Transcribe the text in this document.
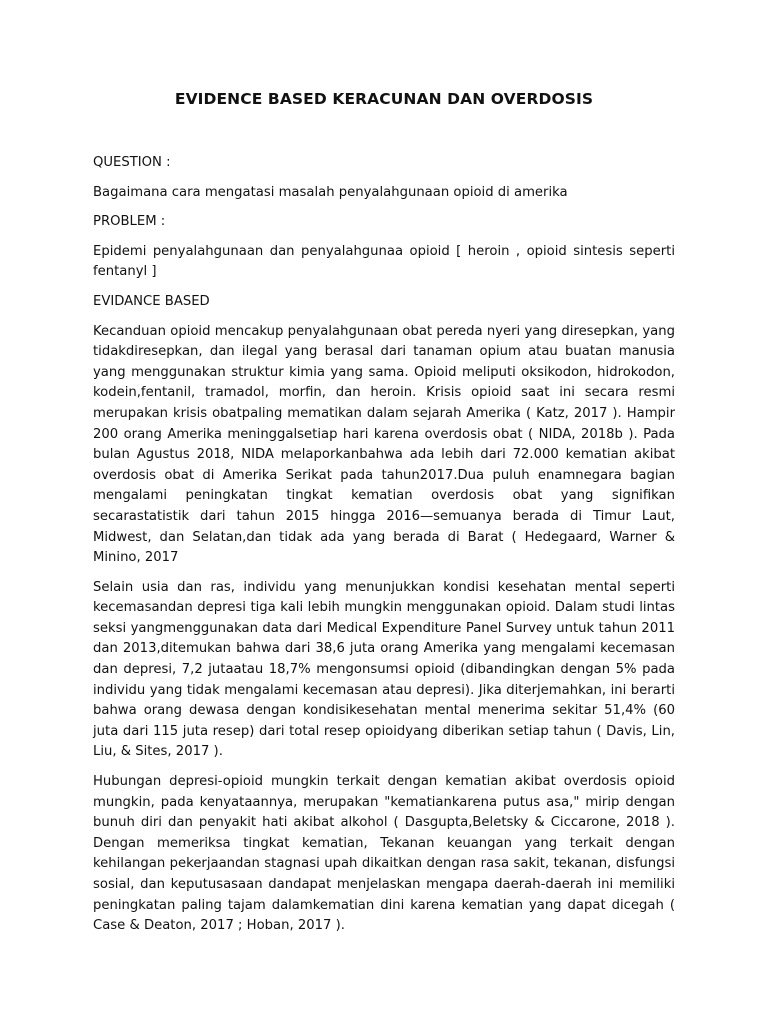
EVIDENCE BASED KERACUNAN DAN OVERDOSIS

QUESTION :

Bagaimana cara mengatasi masalah penyalahgunaan opioid di amerika

PROBLEM :

Epidemi penyalahgunaan dan penyalahgunaa opioid [ heroin , opioid sintesis seperti fentanyl ]

EVIDANCE BASED

Kecanduan opioid mencakup penyalahgunaan obat pereda nyeri yang diresepkan, yang tidakdiresepkan, dan ilegal yang berasal dari tanaman opium atau buatan manusia yang menggunakan struktur kimia yang sama. Opioid meliputi oksikodon, hidrokodon, kodein,fentanil, tramadol, morfin, dan heroin. Krisis opioid saat ini secara resmi merupakan krisis obatpaling mematikan dalam sejarah Amerika ( Katz, 2017 ). Hampir 200 orang Amerika meninggalsetiap hari karena overdosis obat ( NIDA, 2018b ). Pada bulan Agustus 2018, NIDA melaporkanbahwa ada lebih dari 72.000 kematian akibat overdosis obat di Amerika Serikat pada tahun2017.Dua puluh enamnegara bagian mengalami peningkatan tingkat kematian overdosis obat yang signifikan secarastatistik dari tahun 2015 hingga 2016—semuanya berada di Timur Laut, Midwest, dan Selatan,dan tidak ada yang berada di Barat ( Hedegaard, Warner & Minino, 2017

Selain usia dan ras, individu yang menunjukkan kondisi kesehatan mental seperti kecemasandan depresi tiga kali lebih mungkin menggunakan opioid. Dalam studi lintas seksi yangmenggunakan data dari Medical Expenditure Panel Survey untuk tahun 2011 dan 2013,ditemukan bahwa dari 38,6 juta orang Amerika yang mengalami kecemasan dan depresi, 7,2 jutaatau 18,7% mengonsumsi opioid (dibandingkan dengan 5% pada individu yang tidak mengalami kecemasan atau depresi). Jika diterjemahkan, ini berarti bahwa orang dewasa dengan kondisikesehatan mental menerima sekitar 51,4% (60 juta dari 115 juta resep) dari total resep opioidyang diberikan setiap tahun ( Davis, Lin, Liu, & Sites, 2017 ).

Hubungan depresi-opioid mungkin terkait dengan kematian akibat overdosis opioid mungkin, pada kenyataannya, merupakan "kematiankarena putus asa," mirip dengan bunuh diri dan penyakit hati akibat alkohol ( Dasgupta,Beletsky & Ciccarone, 2018 ). Dengan memeriksa tingkat kematian, Tekanan keuangan yang terkait dengan kehilangan pekerjaandan stagnasi upah dikaitkan dengan rasa sakit, tekanan, disfungsi sosial, dan keputusasaan dandapat menjelaskan mengapa daerah-daerah ini memiliki peningkatan paling tajam dalamkematian dini karena kematian yang dapat dicegah ( Case & Deaton, 2017 ; Hoban, 2017 ).
